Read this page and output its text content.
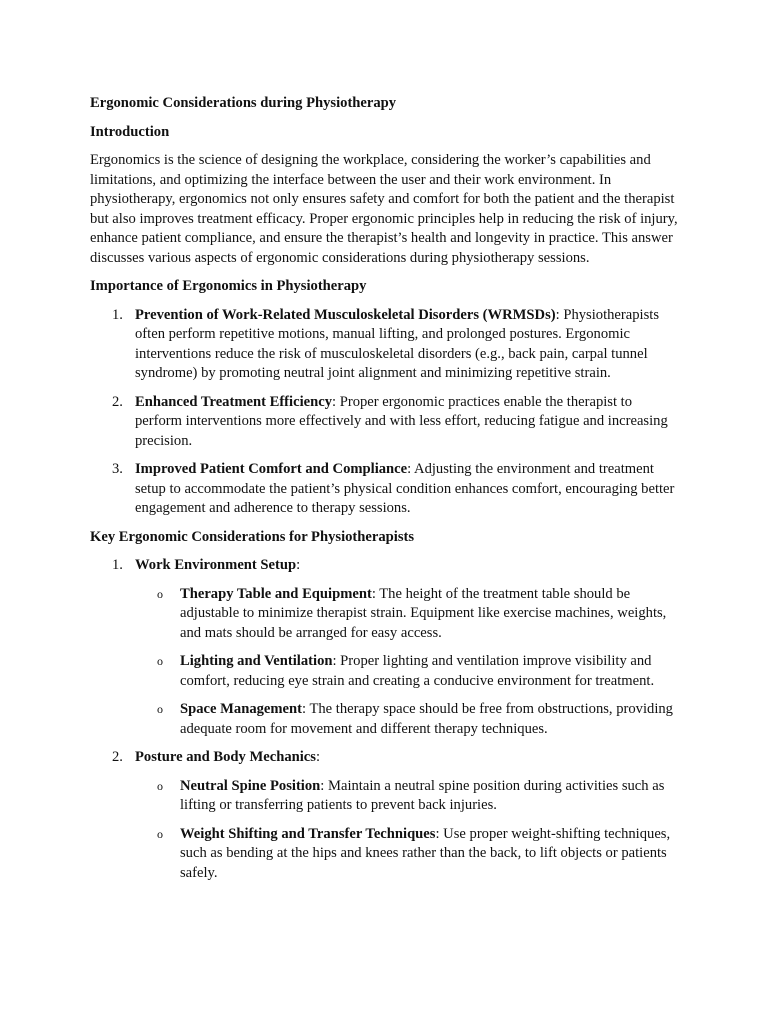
Ergonomic Considerations during Physiotherapy

Introduction

Ergonomics is the science of designing the workplace, considering the worker’s capabilities and limitations, and optimizing the interface between the user and their work environment. In physiotherapy, ergonomics not only ensures safety and comfort for both the patient and the therapist but also improves treatment efficacy. Proper ergonomic principles help in reducing the risk of injury, enhance patient compliance, and ensure the therapist’s health and longevity in practice. This answer discusses various aspects of ergonomic considerations during physiotherapy sessions.

Importance of Ergonomics in Physiotherapy

1. Prevention of Work-Related Musculoskeletal Disorders (WRMSDs): Physiotherapists often perform repetitive motions, manual lifting, and prolonged postures. Ergonomic interventions reduce the risk of musculoskeletal disorders (e.g., back pain, carpal tunnel syndrome) by promoting neutral joint alignment and minimizing repetitive strain.
2. Enhanced Treatment Efficiency: Proper ergonomic practices enable the therapist to perform interventions more effectively and with less effort, reducing fatigue and increasing precision.
3. Improved Patient Comfort and Compliance: Adjusting the environment and treatment setup to accommodate the patient’s physical condition enhances comfort, encouraging better engagement and adherence to therapy sessions.

Key Ergonomic Considerations for Physiotherapists

1. Work Environment Setup:
o Therapy Table and Equipment: The height of the treatment table should be adjustable to minimize therapist strain. Equipment like exercise machines, weights, and mats should be arranged for easy access.
o Lighting and Ventilation: Proper lighting and ventilation improve visibility and comfort, reducing eye strain and creating a conducive environment for treatment.
o Space Management: The therapy space should be free from obstructions, providing adequate room for movement and different therapy techniques.
2. Posture and Body Mechanics:
o Neutral Spine Position: Maintain a neutral spine position during activities such as lifting or transferring patients to prevent back injuries.
o Weight Shifting and Transfer Techniques: Use proper weight-shifting techniques, such as bending at the hips and knees rather than the back, to lift objects or patients safely.
